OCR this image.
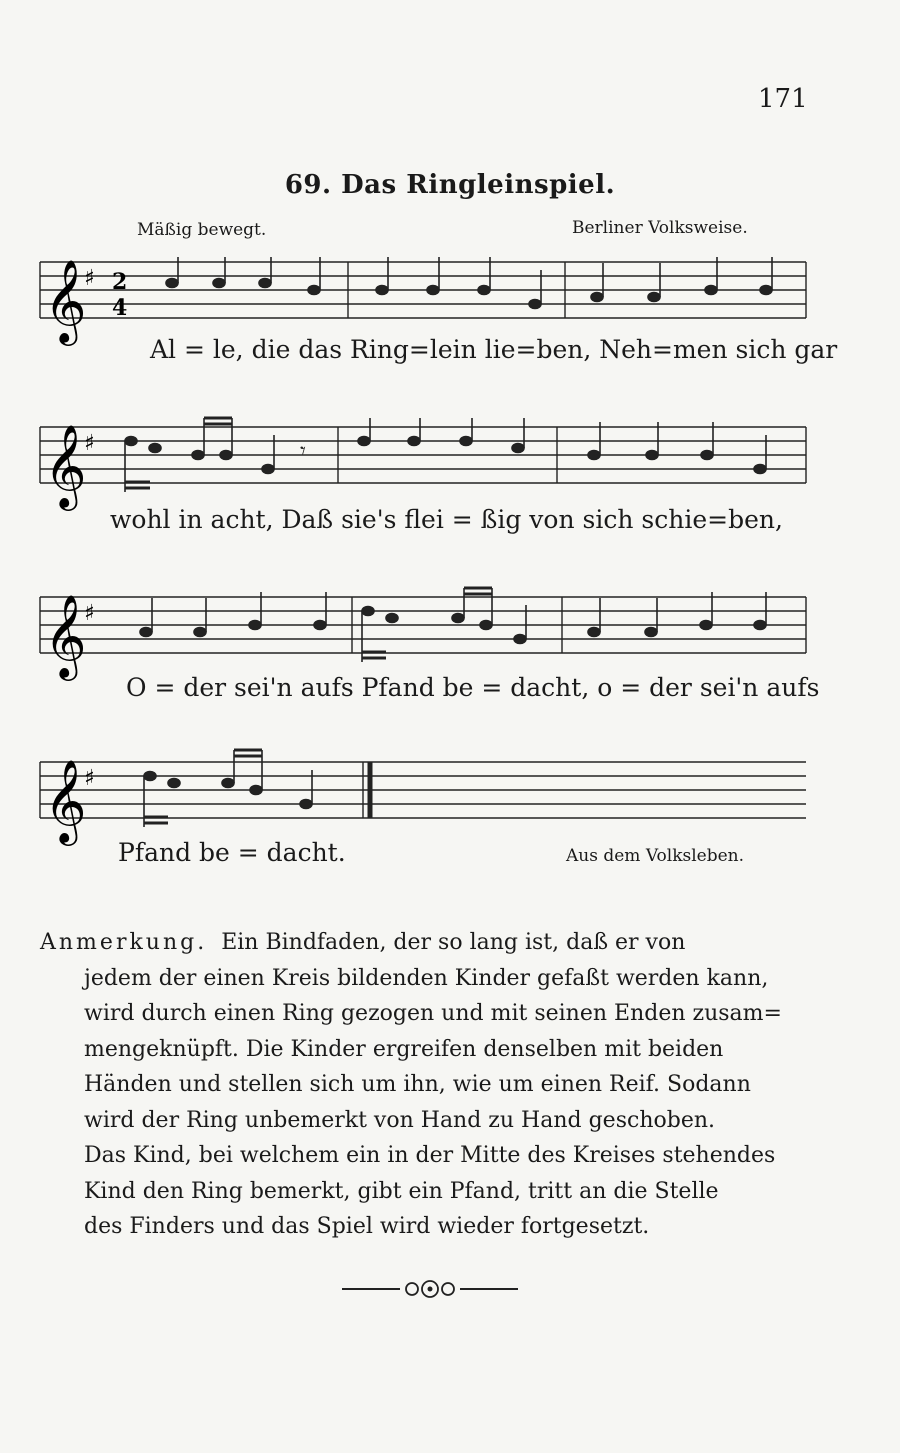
171
69. Das Ringleinspiel.
Mäßig bewegt.	Berliner Volksweise.
𝄞
♯ 2
4
Al = le, die das Ring=lein lie=ben, Neh=men sich gar
𝄞
♯	𝄾
wohl in acht, Daß sie's flei = ßig von sich schie=ben,
𝄞
♯
O = der sei'n aufs Pfand be = dacht, o = der sei'n aufs
𝄞
♯
Pfand be = dacht.	Aus dem Volksleben.
Anmerkung. Ein Bindfaden, der so lang ist, daß er von
jedem der einen Kreis bildenden Kinder gefaßt werden kann,
wird durch einen Ring gezogen und mit seinen Enden zusam=
mengeknüpft. Die Kinder ergreifen denselben mit beiden
Händen und stellen sich um ihn, wie um einen Reif. Sodann
wird der Ring unbemerkt von Hand zu Hand geschoben.
Das Kind, bei welchem ein in der Mitte des Kreises stehendes
Kind den Ring bemerkt, gibt ein Pfand, tritt an die Stelle
des Finders und das Spiel wird wieder fortgesetzt.
